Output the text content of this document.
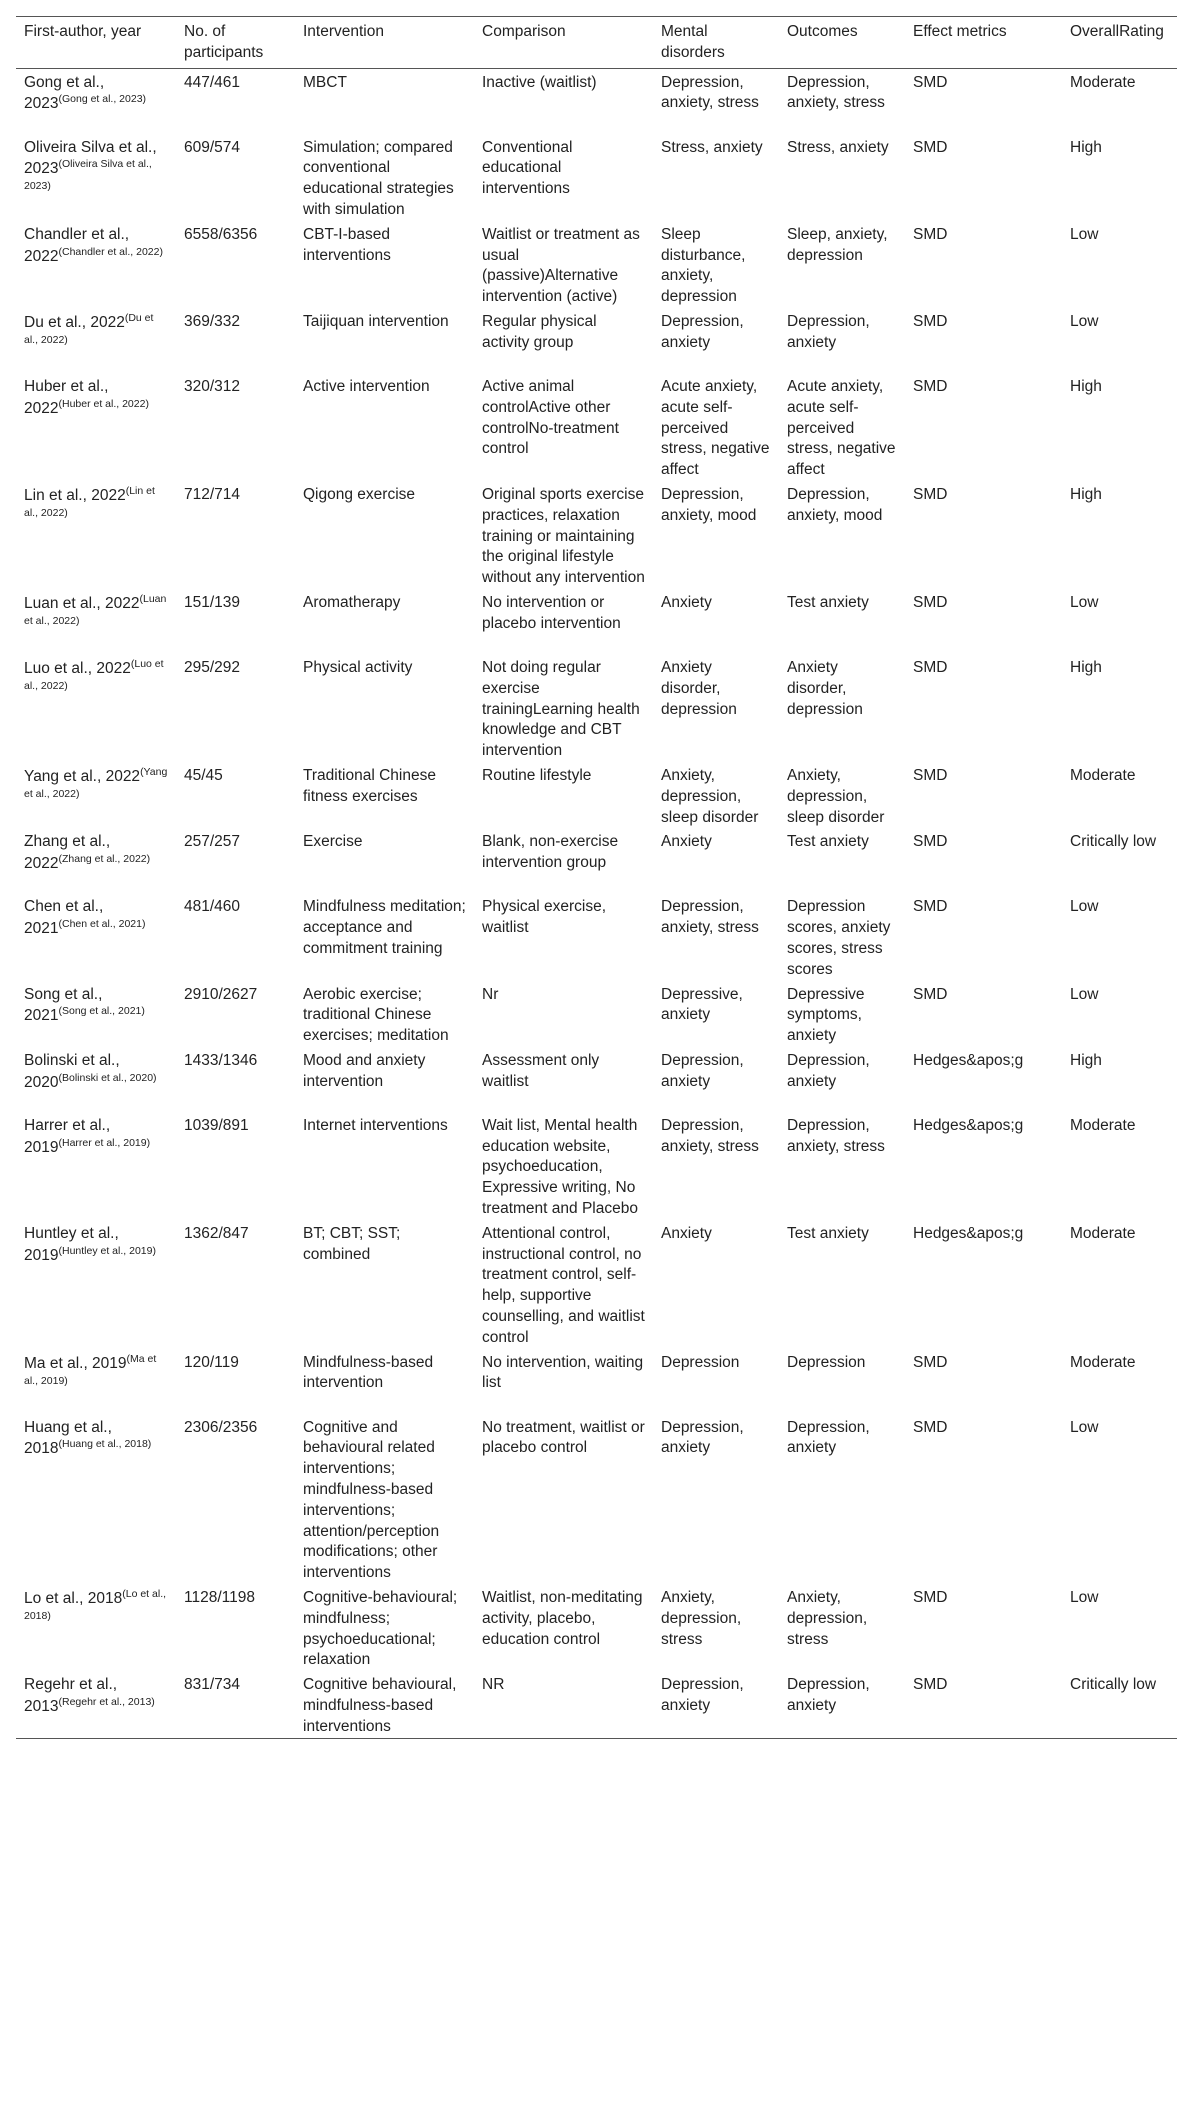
First-author, year	No. of participants	Intervention	Comparison	Mental disorders	Outcomes	Effect metrics	OverallRating
Gong et al., 2023$^{(Gong et al., 2023)}$	447/461	MBCT	Inactive (waitlist)	Depression, anxiety, stress	Depression, anxiety, stress	SMD	Moderate
Oliveira Silva et al., 2023$^{(Oliveira Silva et al., 2023)}$	609/574	Simulation; compared conventional educational strategies with simulation	Conventional educational interventions	Stress, anxiety	Stress, anxiety	SMD	High
Chandler et al., 2022$^{(Chandler et al., 2022)}$	6558/6356	CBT-I-based interventions	Waitlist or treatment as usual (passive)Alternative intervention (active)	Sleep disturbance, anxiety, depression	Sleep, anxiety, depression	SMD	Low
Du et al., 2022$^{(Du et al., 2022)}$	369/332	Taijiquan intervention	Regular physical activity group	Depression, anxiety	Depression, anxiety	SMD	Low
Huber et al., 2022$^{(Huber et al., 2022)}$	320/312	Active intervention	Active animal controlActive other controlNo-treatment control	Acute anxiety, acute self-perceived stress, negative affect	Acute anxiety, acute self-perceived stress, negative affect	SMD	High
Lin et al., 2022$^{(Lin et al., 2022)}$	712/714	Qigong exercise	Original sports exercise practices, relaxation training or maintaining the original lifestyle without any intervention	Depression, anxiety, mood	Depression, anxiety, mood	SMD	High
Luan et al., 2022$^{(Luan et al., 2022)}$	151/139	Aromatherapy	No intervention or placebo intervention	Anxiety	Test anxiety	SMD	Low
Luo et al., 2022$^{(Luo et al., 2022)}$	295/292	Physical activity	Not doing regular exercise trainingLearning health knowledge and CBT intervention	Anxiety disorder, depression	Anxiety disorder, depression	SMD	High
Yang et al., 2022$^{(Yang et al., 2022)}$	45/45	Traditional Chinese fitness exercises	Routine lifestyle	Anxiety, depression, sleep disorder	Anxiety, depression, sleep disorder	SMD	Moderate
Zhang et al., 2022$^{(Zhang et al., 2022)}$	257/257	Exercise	Blank, non-exercise intervention group	Anxiety	Test anxiety	SMD	Critically low
Chen et al., 2021$^{(Chen et al., 2021)}$	481/460	Mindfulness meditation; acceptance and commitment training	Physical exercise, waitlist	Depression, anxiety, stress	Depression scores, anxiety scores, stress scores	SMD	Low
Song et al., 2021$^{(Song et al., 2021)}$	2910/2627	Aerobic exercise; traditional Chinese exercises; meditation	Nr	Depressive, anxiety	Depressive symptoms, anxiety	SMD	Low
Bolinski et al., 2020$^{(Bolinski et al., 2020)}$	1433/1346	Mood and anxiety intervention	Assessment only waitlist	Depression, anxiety	Depression, anxiety	Hedges&apos;g	High
Harrer et al., 2019$^{(Harrer et al., 2019)}$	1039/891	Internet interventions	Wait list, Mental health education website, psychoeducation, Expressive writing, No treatment and Placebo	Depression, anxiety, stress	Depression, anxiety, stress	Hedges&apos;g	Moderate
Huntley et al., 2019$^{(Huntley et al., 2019)}$	1362/847	BT; CBT; SST; combined	Attentional control, instructional control, no treatment control, self-help, supportive counselling, and waitlist control	Anxiety	Test anxiety	Hedges&apos;g	Moderate
Ma et al., 2019$^{(Ma et al., 2019)}$	120/119	Mindfulness-based intervention	No intervention, waiting list	Depression	Depression	SMD	Moderate
Huang et al., 2018$^{(Huang et al., 2018)}$	2306/2356	Cognitive and behavioural related interventions; mindfulness-based interventions; attention/perception modifications; other interventions	No treatment, waitlist or placebo control	Depression, anxiety	Depression, anxiety	SMD	Low
Lo et al., 2018$^{(Lo et al., 2018)}$	1128/1198	Cognitive-behavioural; mindfulness; psychoeducational; relaxation	Waitlist, non-meditating activity, placebo, education control	Anxiety, depression, stress	Anxiety, depression, stress	SMD	Low
Regehr et al., 2013$^{(Regehr et al., 2013)}$	831/734	Cognitive behavioural, mindfulness-based interventions	NR	Depression, anxiety	Depression, anxiety	SMD	Critically low
